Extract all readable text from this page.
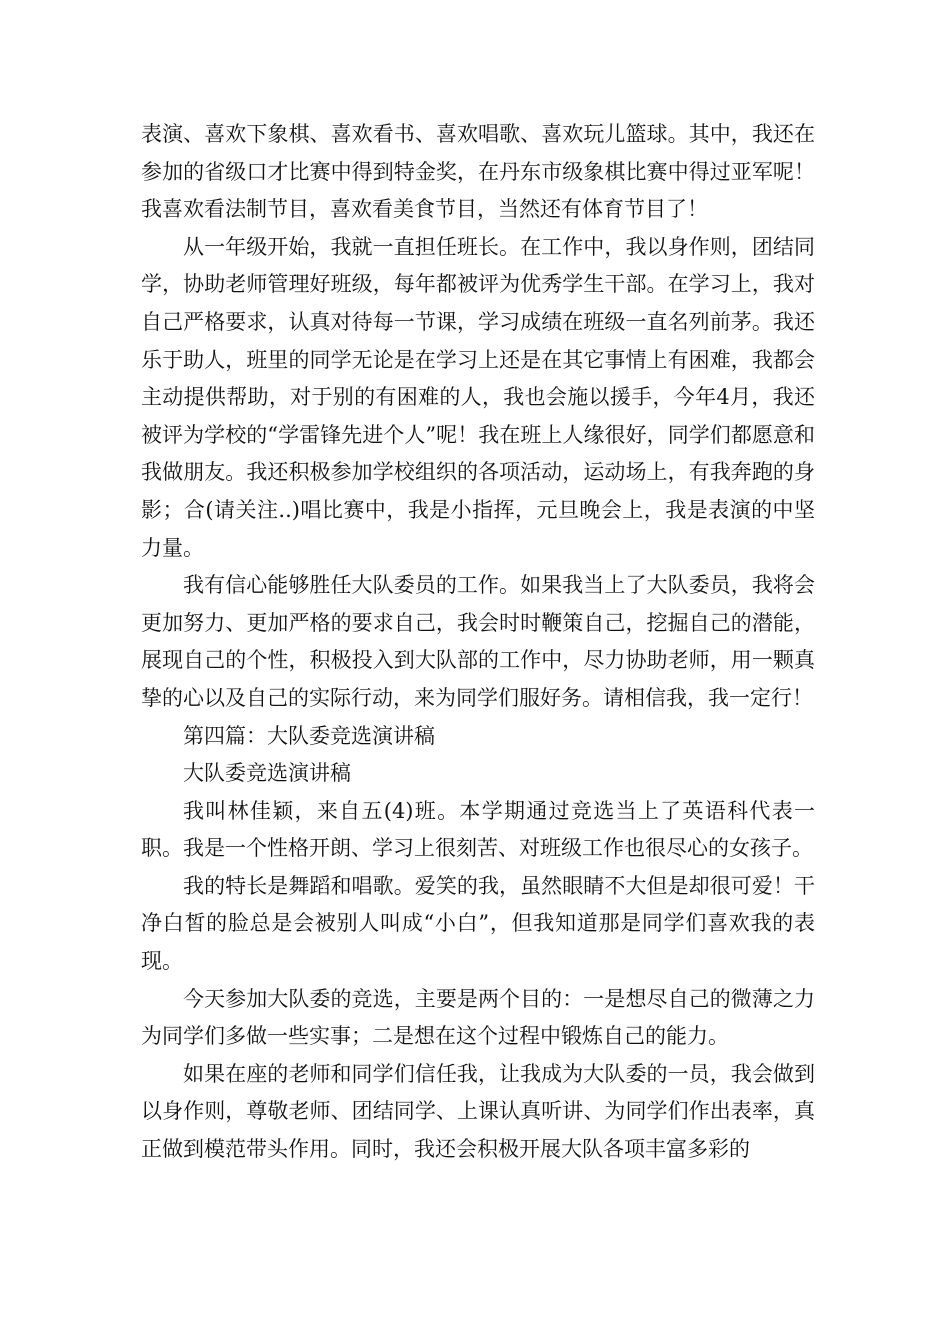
表演、喜欢下象棋、喜欢看书、喜欢唱歌、喜欢玩儿篮球。其中，我还在参加的省级口才比赛中得到特金奖，在丹东市级象棋比赛中得过亚军呢！我喜欢看法制节目，喜欢看美食节目，当然还有体育节目了！

从一年级开始，我就一直担任班长。在工作中，我以身作则，团结同学，协助老师管理好班级，每年都被评为优秀学生干部。在学习上，我对自己严格要求，认真对待每一节课，学习成绩在班级一直名列前茅。我还乐于助人，班里的同学无论是在学习上还是在其它事情上有困难，我都会主动提供帮助，对于别的有困难的人，我也会施以援手，今年4月，我还被评为学校的“学雷锋先进个人”呢！我在班上人缘很好，同学们都愿意和我做朋友。我还积极参加学校组织的各项活动，运动场上，有我奔跑的身影；合(请关注..)唱比赛中，我是小指挥，元旦晚会上，我是表演的中坚力量。

我有信心能够胜任大队委员的工作。如果我当上了大队委员，我将会更加努力、更加严格的要求自己，我会时时鞭策自己，挖掘自己的潜能，展现自己的个性，积极投入到大队部的工作中，尽力协助老师，用一颗真挚的心以及自己的实际行动，来为同学们服好务。请相信我，我一定行！

第四篇：大队委竞选演讲稿

大队委竞选演讲稿

我叫林佳颖，来自五(4)班。本学期通过竞选当上了英语科代表一职。我是一个性格开朗、学习上很刻苦、对班级工作也很尽心的女孩子。

我的特长是舞蹈和唱歌。爱笑的我，虽然眼睛不大但是却很可爱！干净白皙的脸总是会被别人叫成“小白”，但我知道那是同学们喜欢我的表现。

今天参加大队委的竞选，主要是两个目的：一是想尽自己的微薄之力为同学们多做一些实事；二是想在这个过程中锻炼自己的能力。

如果在座的老师和同学们信任我，让我成为大队委的一员，我会做到以身作则，尊敬老师、团结同学、上课认真听讲、为同学们作出表率，真正做到模范带头作用。同时，我还会积极开展大队各项丰富多彩的
